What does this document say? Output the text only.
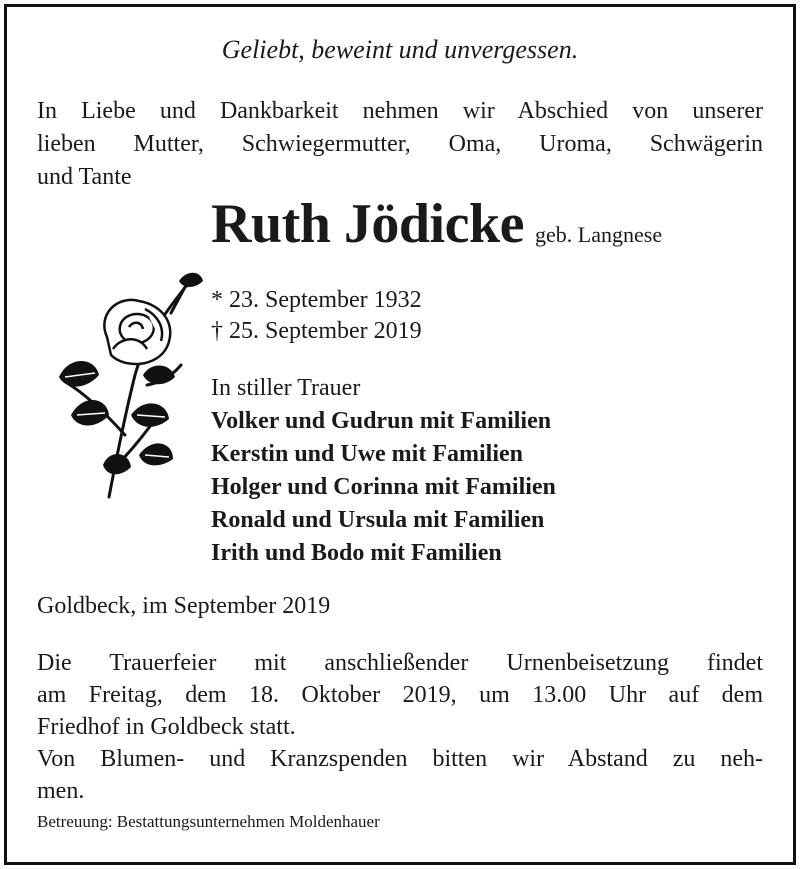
Geliebt, beweint und unvergessen.
In Liebe und Dankbarkeit nehmen wir Abschied von unserer
lieben Mutter, Schwiegermutter, Oma, Uroma, Schwägerin
und Tante
Ruth Jödicke geb. Langnese
* 23. September 1932
† 25. September 2019
In stiller Trauer
Volker und Gudrun mit Familien
Kerstin und Uwe mit Familien
Holger und Corinna mit Familien
Ronald und Ursula mit Familien
Irith und Bodo mit Familien
Goldbeck, im September 2019
Die Trauerfeier mit anschließender Urnenbeisetzung findet
am Freitag, dem 18. Oktober 2019, um 13.00 Uhr auf dem
Friedhof in Goldbeck statt.
Von Blumen- und Kranzspenden bitten wir Abstand zu neh-
men.
Betreuung: Bestattungsunternehmen Moldenhauer
